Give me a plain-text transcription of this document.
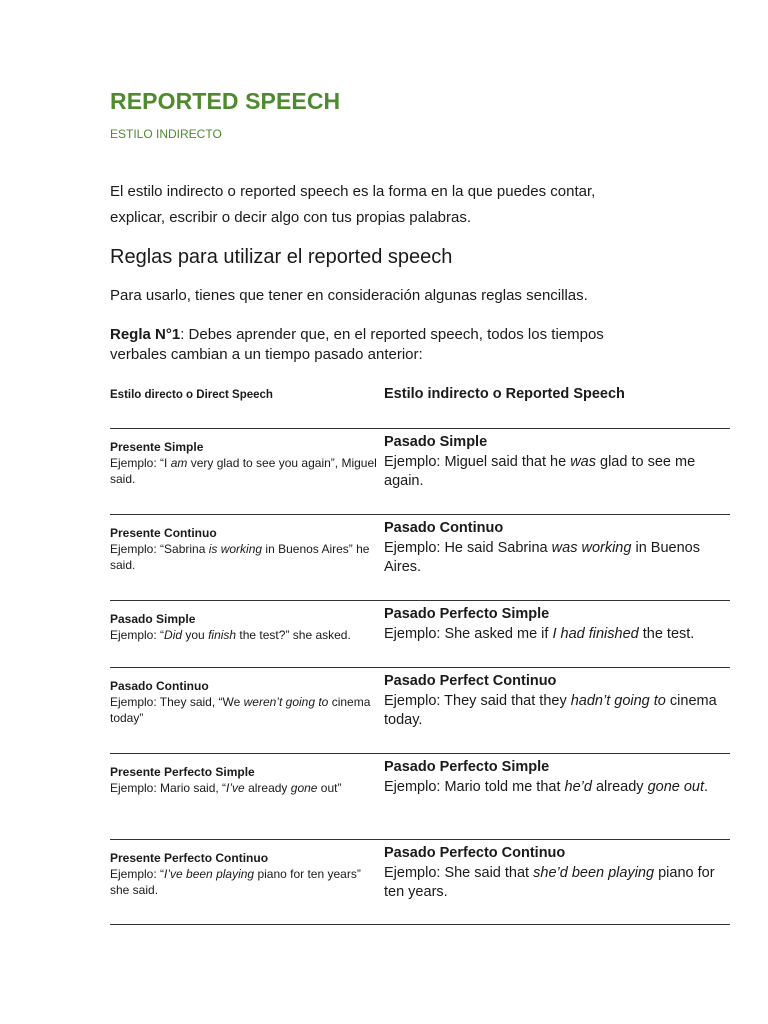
REPORTED SPEECH

ESTILO INDIRECTO

El estilo indirecto o reported speech es la forma en la que puedes contar,
explicar, escribir o decir algo con tus propias palabras.

Reglas para utilizar el reported speech

Para usarlo, tienes que tener en consideración algunas reglas sencillas.

Regla N°1: Debes aprender que, en el reported speech, todos los tiempos verbales cambian a un tiempo pasado anterior:

Estilo directo o Direct Speech	Estilo indirecto o Reported Speech
Presente Simple
Ejemplo: “I am very glad to see you again”, Miguel said.
Pasado Simple
Ejemplo: Miguel said that he was glad to see me again.
Presente Continuo
Ejemplo: “Sabrina is working in Buenos Aires” he said.
Pasado Continuo
Ejemplo: He said Sabrina was working in Buenos Aires.
Pasado Simple
Ejemplo: “Did you finish the test?” she asked.
Pasado Perfecto Simple
Ejemplo: She asked me if I had finished the test.
Pasado Continuo
Ejemplo: They said, “We weren’t going to cinema today”
Pasado Perfect Continuo
Ejemplo: They said that they hadn’t going to cinema today.
Presente Perfecto Simple
Ejemplo: Mario said, “I’ve already gone out”
Pasado Perfecto Simple
Ejemplo: Mario told me that he’d already gone out.
Presente Perfecto Continuo
Ejemplo: “I’ve been playing piano for ten years” she said.
Pasado Perfecto Continuo
Ejemplo: She said that she’d been playing piano for ten years.
